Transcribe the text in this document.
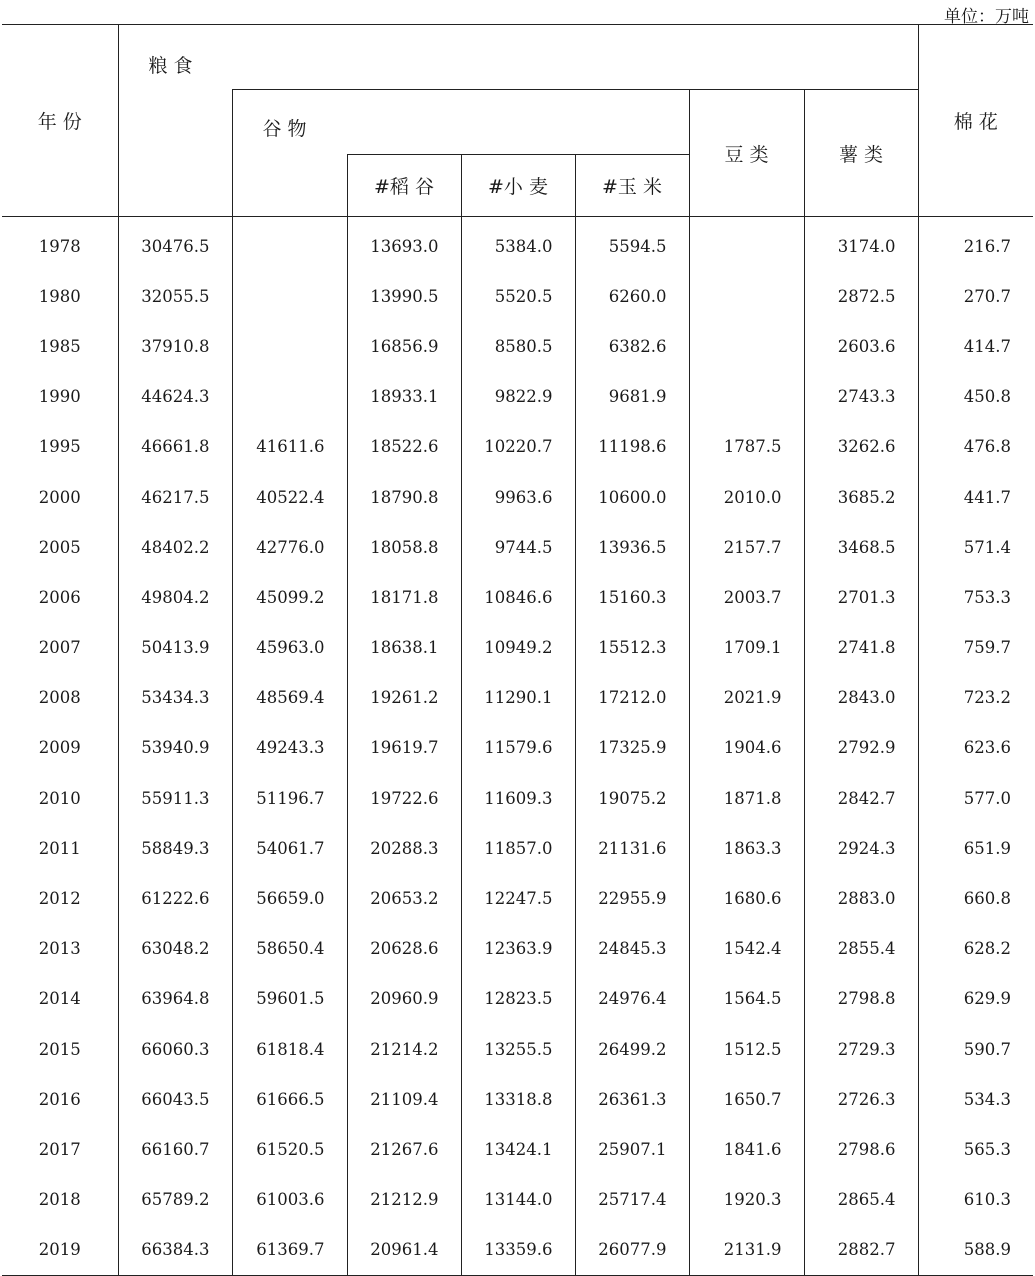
单位：万吨
年 份	粮 食							棉 花
		谷 物				豆 类	薯 类	
			#稻 谷	#小 麦	#玉 米			
1978	30476.5		13693.0	5384.0	5594.5		3174.0	216.7
1980	32055.5		13990.5	5520.5	6260.0		2872.5	270.7
1985	37910.8		16856.9	8580.5	6382.6		2603.6	414.7
1990	44624.3		18933.1	9822.9	9681.9		2743.3	450.8
1995	46661.8	41611.6	18522.6	10220.7	11198.6	1787.5	3262.6	476.8
2000	46217.5	40522.4	18790.8	9963.6	10600.0	2010.0	3685.2	441.7
2005	48402.2	42776.0	18058.8	9744.5	13936.5	2157.7	3468.5	571.4
2006	49804.2	45099.2	18171.8	10846.6	15160.3	2003.7	2701.3	753.3
2007	50413.9	45963.0	18638.1	10949.2	15512.3	1709.1	2741.8	759.7
2008	53434.3	48569.4	19261.2	11290.1	17212.0	2021.9	2843.0	723.2
2009	53940.9	49243.3	19619.7	11579.6	17325.9	1904.6	2792.9	623.6
2010	55911.3	51196.7	19722.6	11609.3	19075.2	1871.8	2842.7	577.0
2011	58849.3	54061.7	20288.3	11857.0	21131.6	1863.3	2924.3	651.9
2012	61222.6	56659.0	20653.2	12247.5	22955.9	1680.6	2883.0	660.8
2013	63048.2	58650.4	20628.6	12363.9	24845.3	1542.4	2855.4	628.2
2014	63964.8	59601.5	20960.9	12823.5	24976.4	1564.5	2798.8	629.9
2015	66060.3	61818.4	21214.2	13255.5	26499.2	1512.5	2729.3	590.7
2016	66043.5	61666.5	21109.4	13318.8	26361.3	1650.7	2726.3	534.3
2017	66160.7	61520.5	21267.6	13424.1	25907.1	1841.6	2798.6	565.3
2018	65789.2	61003.6	21212.9	13144.0	25717.4	1920.3	2865.4	610.3
2019	66384.3	61369.7	20961.4	13359.6	26077.9	2131.9	2882.7	588.9
